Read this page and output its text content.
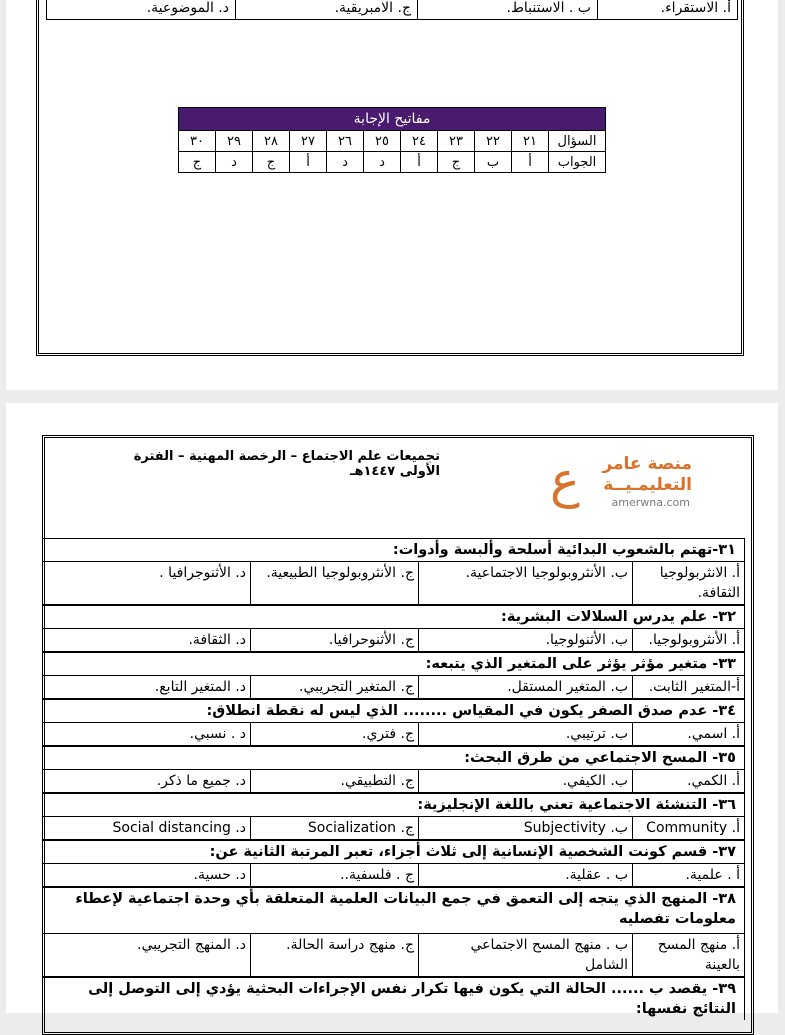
أ. الاستقراء.
ب . الاستنباط.
ج. الامبريقية.
د. الموضوعية.
مفاتيح الإجابة										
السؤال	٢١	٢٢	٢٣	٢٤	٢٥	٢٦	٢٧	٢٨	٢٩	٣٠
الجواب	أ	ب	ج	أ	د	د	أ	ج	د	ج
تجميعات علم الاجتماع – الرخصة المهنية – الفترة الأولى ١٤٤٧هـ	منصة عامر
التعليمـيــة
amerwna.com
ع
٣١-تهتم بالشعوب البدائية أسلحة وألبسة وأدوات:
أ. الانثربولوجيا الثقافة.
ب. الأنثروبولوجيا الاجتماعية.
ج. الأنثروبولوجيا الطبيعية.
د. الأثنوجرافيا .
٣٢- علم يدرس السلالات البشرية:
أ. الأنثروبولوجيا.
ب. الأثنولوجيا.
ج. الأثنوحرافيا.
د. الثقافة.
٣٣- متغير مؤثر يؤثر على المتغير الذي يتبعه:
أ-المتغير الثابت.
ب. المتغير المستقل.
ج. المتغير التجريبي.
د. المتغير التابع.
٣٤- عدم صدق الصفر يكون في المقياس ........ الذي ليس له نقطة انطلاق:
أ. اسمي.
ب. ترتيبي.
ج. فتري.
د . نسبي.
٣٥- المسح الاجتماعي من طرق البحث:
أ. الكمي.
ب. الكيفي.
ج. التطبيقي.
د. جميع ما ذكر.
٣٦- التنشئة الاجتماعية تعني باللغة الإنجليزية:
أ. Community
ب. Subjectivity
ج. Socialization
د. Social distancing
٣٧- قسم كونت الشخصية الإنسانية إلى ثلاث أجزاء، تعبر المرتبة الثانية عن:
أ . علمية.
ب . عقلية.
ج . فلسفية..
د. حسية.
٣٨- المنهج الذي يتجه إلى التعمق في جمع البيانات العلمية المتعلقة بأي وحدة اجتماعية لإعطاء معلومات تفصليه
أ. منهج المسح بالعينة
ب . منهج المسح الاجتماعي الشامل
ج. منهج دراسة الحالة.
د. المنهج التجريبي.
٣٩- يقصد ب ...... الحالة التي يكون فيها تكرار نفس الإجراءات البحثية يؤدي إلى التوصل إلى النتائج نفسها:
